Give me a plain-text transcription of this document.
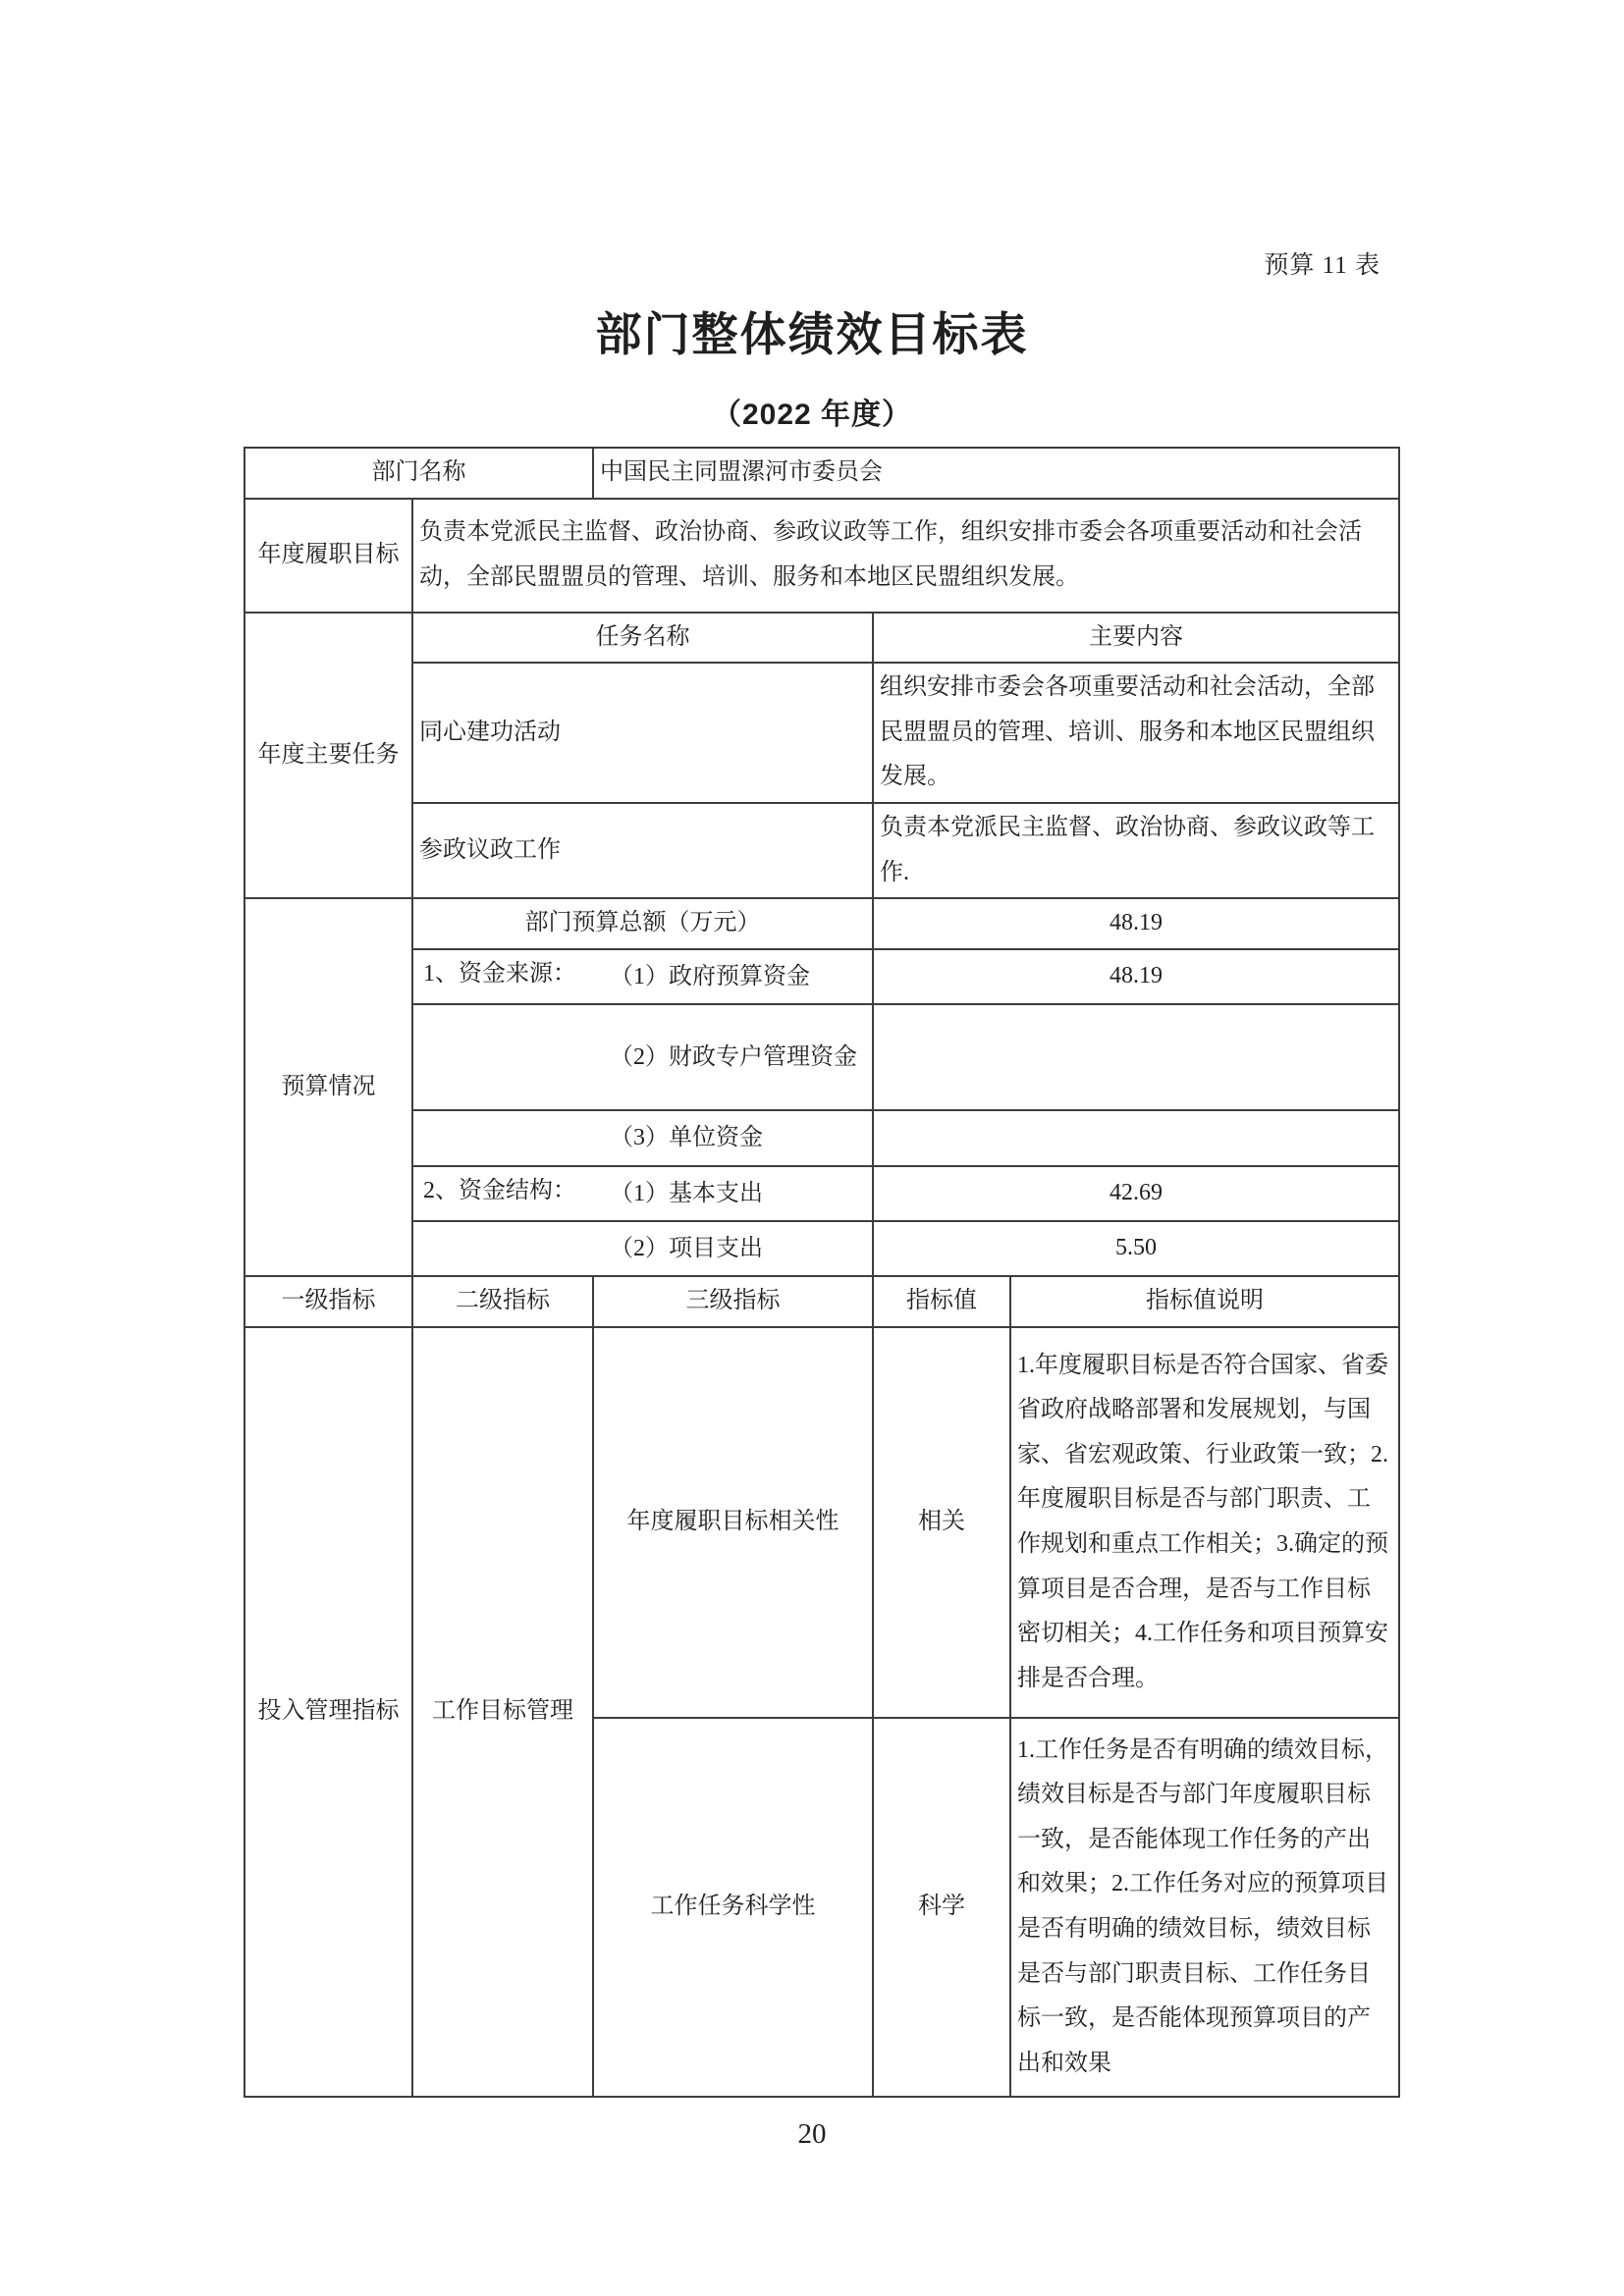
预算 11 表
部门整体绩效目标表
（2022 年度）
部门名称		中国民主同盟漯河市委员会		
年度履职目标	负责本党派民主监督、政治协商、参政议政等工作，组织安排市委会各项重要活动和社会活动，全部民盟盟员的管理、培训、服务和本地区民盟组织发展。			
年度主要任务	任务名称		主要内容	
	同心建功活动		组织安排市委会各项重要活动和社会活动，全部民盟盟员的管理、培训、服务和本地区民盟组织发展。	
	参政议政工作		负责本党派民主监督、政治协商、参政议政等工作.	
预算情况	部门预算总额（万元）		48.19	

	1、资金来源： （1）政府预算资金		48.19	

	（2）财政专户管理资金			

	（3）单位资金			

	2、资金结构： （1）基本支出		42.69	

	（2）项目支出		5.50	
一级指标	二级指标	三级指标	指标值	指标值说明
投入管理指标	工作目标管理	年度履职目标相关性	相关	1.年度履职目标是否符合国家、省委省政府战略部署和发展规划，与国家、省宏观政策、行业政策一致；2.年度履职目标是否与部门职责、工作规划和重点工作相关；3.确定的预算项目是否合理，是否与工作目标密切相关；4.工作任务和项目预算安排是否合理。
		工作任务科学性	科学	1.工作任务是否有明确的绩效目标，绩效目标是否与部门年度履职目标一致，是否能体现工作任务的产出和效果；2.工作任务对应的预算项目是否有明确的绩效目标，绩效目标是否与部门职责目标、工作任务目标一致，是否能体现预算项目的产出和效果
20
